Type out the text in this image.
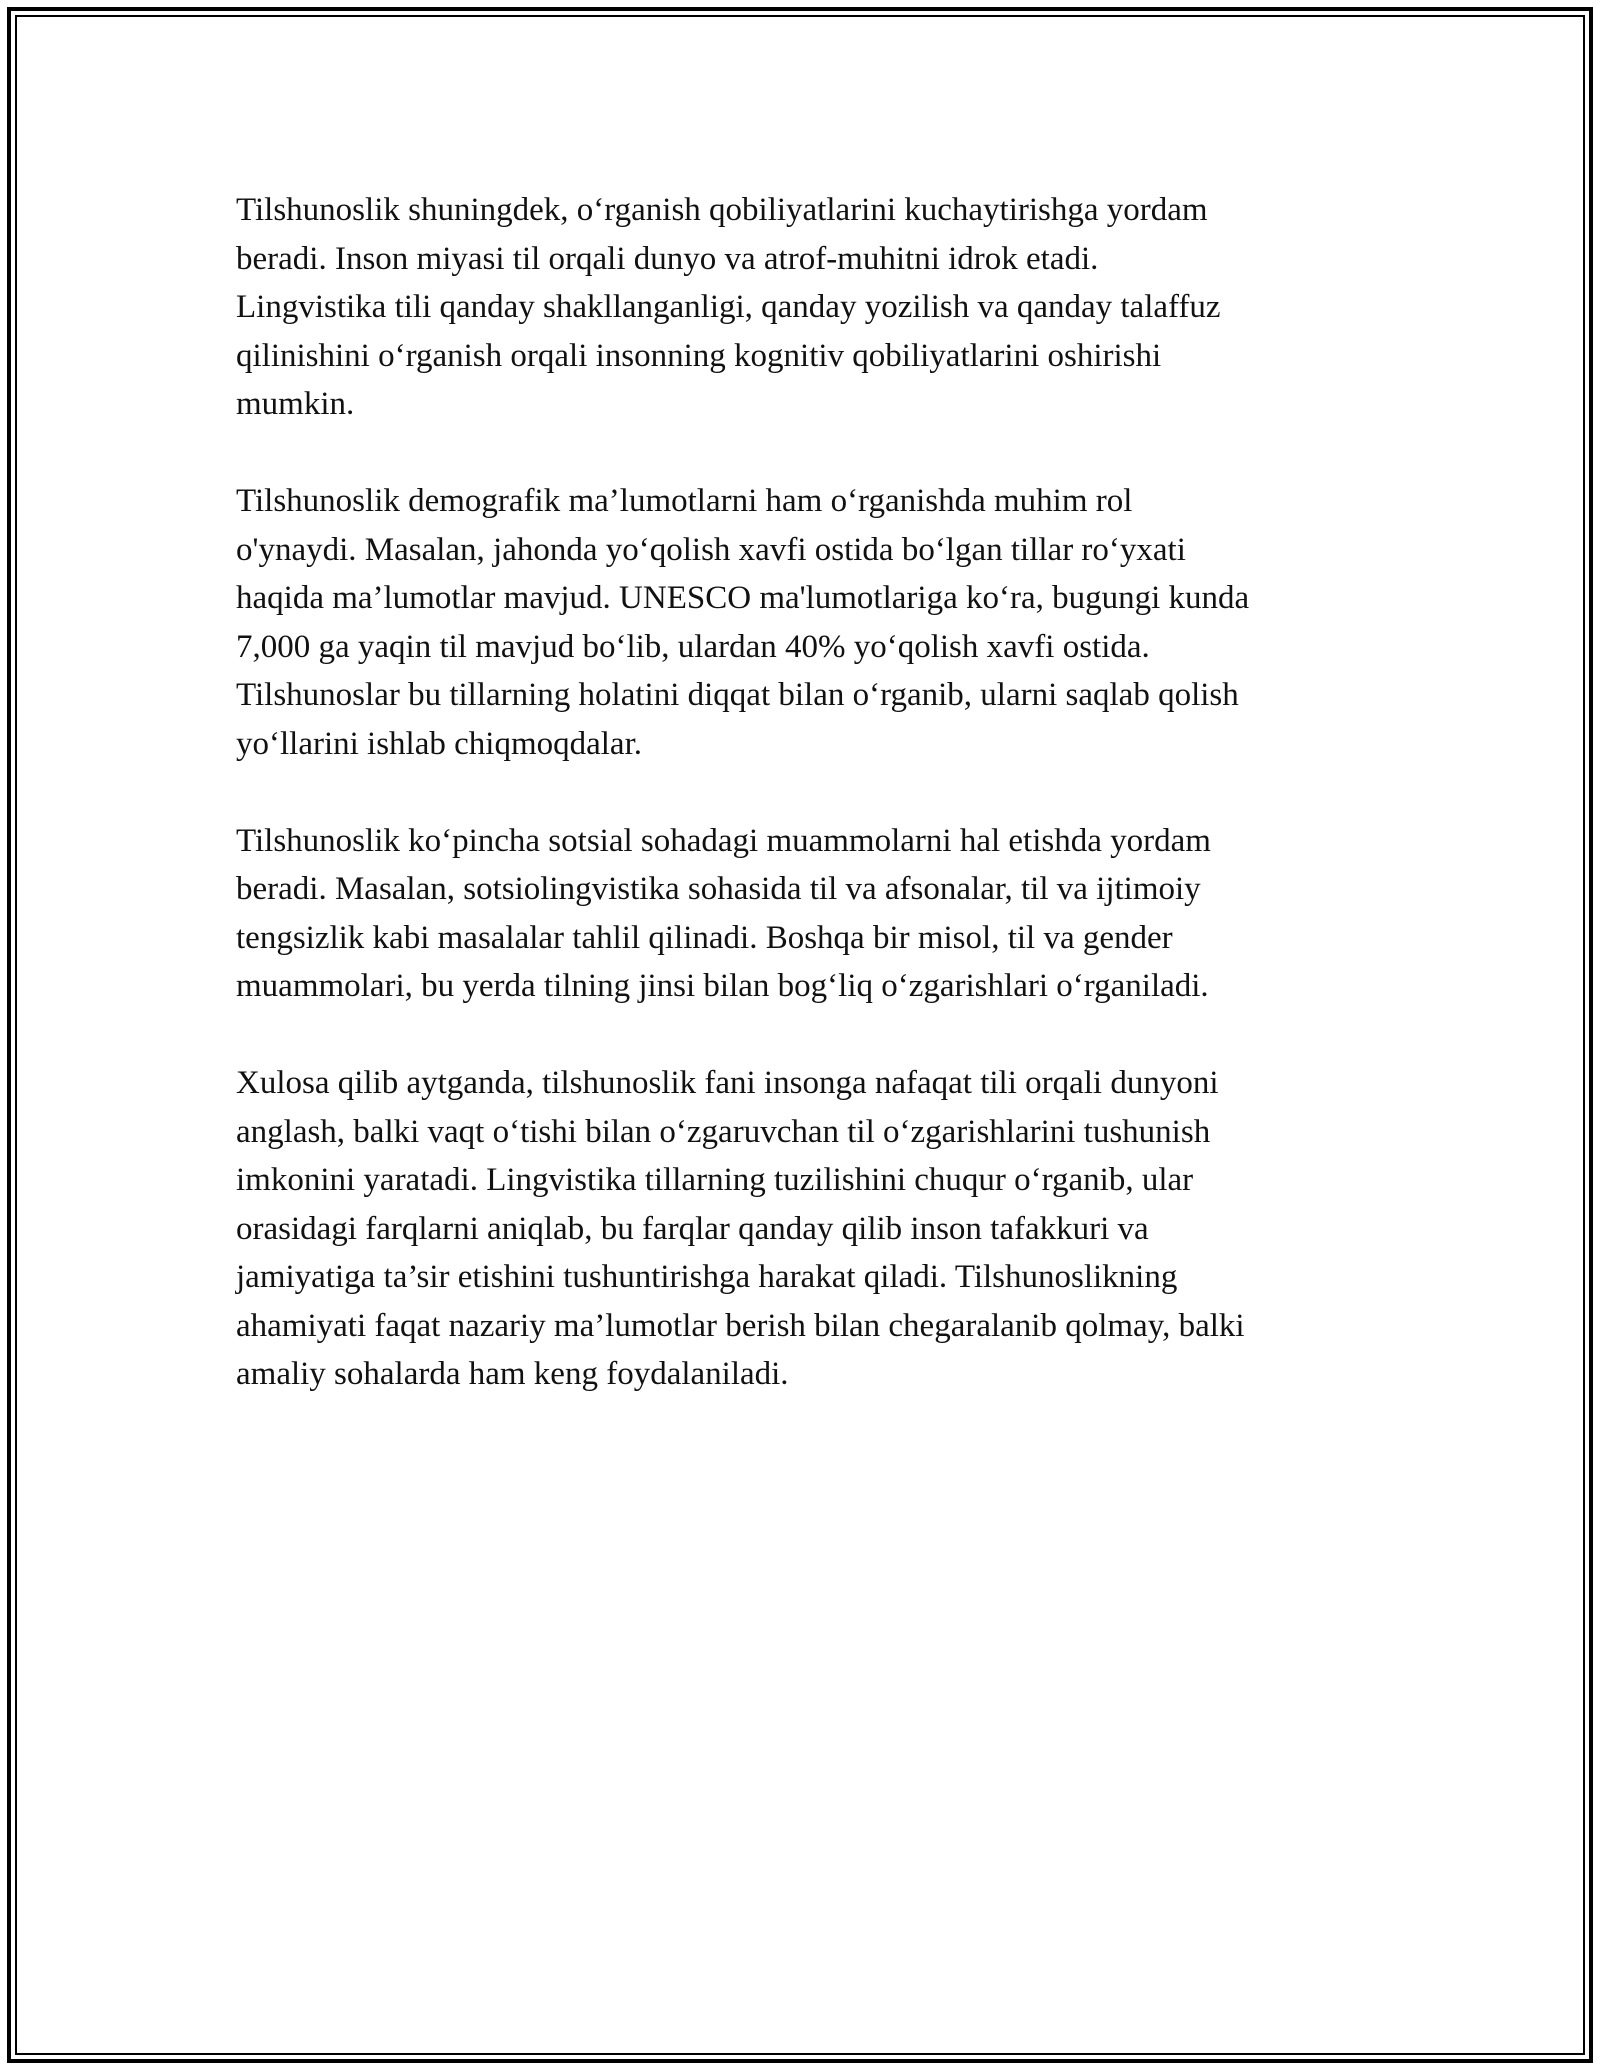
Tilshunoslik shuningdek, o‘rganish qobiliyatlarini kuchaytirishga yordam
beradi. Inson miyasi til orqali dunyo va atrof-muhitni idrok etadi.
Lingvistika tili qanday shakllanganligi, qanday yozilish va qanday talaffuz
qilinishini o‘rganish orqali insonning kognitiv qobiliyatlarini oshirishi
mumkin.

Tilshunoslik demografik ma’lumotlarni ham o‘rganishda muhim rol
o'ynaydi. Masalan, jahonda yo‘qolish xavfi ostida bo‘lgan tillar ro‘yxati
haqida ma’lumotlar mavjud. UNESCO ma'lumotlariga ko‘ra, bugungi kunda
7,000 ga yaqin til mavjud bo‘lib, ulardan 40% yo‘qolish xavfi ostida.
Tilshunoslar bu tillarning holatini diqqat bilan o‘rganib, ularni saqlab qolish
yo‘llarini ishlab chiqmoqdalar.

Tilshunoslik ko‘pincha sotsial sohadagi muammolarni hal etishda yordam
beradi. Masalan, sotsiolingvistika sohasida til va afsonalar, til va ijtimoiy
tengsizlik kabi masalalar tahlil qilinadi. Boshqa bir misol, til va gender
muammolari, bu yerda tilning jinsi bilan bog‘liq o‘zgarishlari o‘rganiladi.

Xulosa qilib aytganda, tilshunoslik fani insonga nafaqat tili orqali dunyoni
anglash, balki vaqt o‘tishi bilan o‘zgaruvchan til o‘zgarishlarini tushunish
imkonini yaratadi. Lingvistika tillarning tuzilishini chuqur o‘rganib, ular
orasidagi farqlarni aniqlab, bu farqlar qanday qilib inson tafakkuri va
jamiyatiga ta’sir etishini tushuntirishga harakat qiladi. Tilshunoslikning
ahamiyati faqat nazariy ma’lumotlar berish bilan chegaralanib qolmay, balki
amaliy sohalarda ham keng foydalaniladi.
